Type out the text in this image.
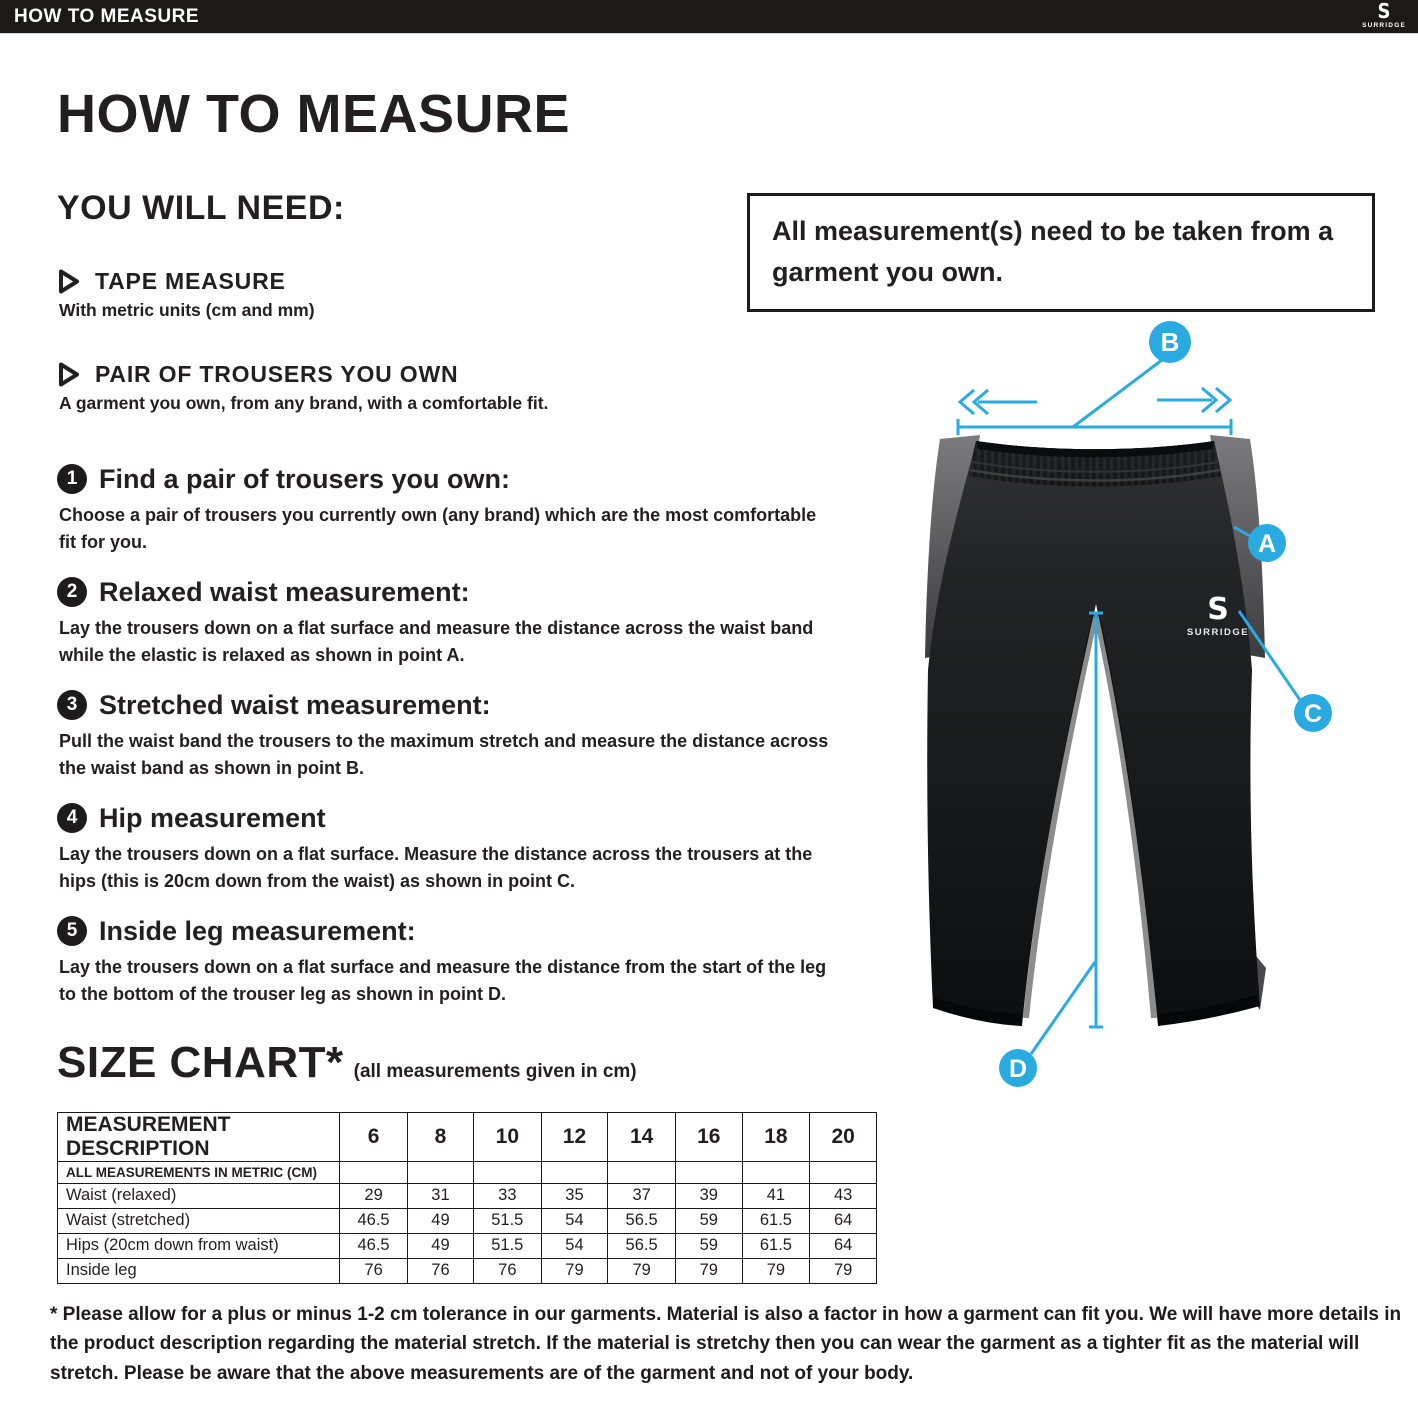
HOW TO MEASURE	S
SURRIDGE
HOW TO MEASURE
YOU WILL NEED:
TAPE MEASURE
With metric units (cm and mm)
PAIR OF TROUSERS YOU OWN
A garment you own, from any brand, with a comfortable fit.
1 Find a pair of trousers you own:
Choose a pair of trousers you currently own (any brand) which are the most comfortable fit for you.
2 Relaxed waist measurement:
Lay the trousers down on a flat surface and measure the distance across the waist band while the elastic is relaxed as shown in point A.
3 Stretched waist measurement:
Pull the waist band the trousers to the maximum stretch and measure the distance across the waist band as shown in point B.
4 Hip measurement
Lay the trousers down on a flat surface. Measure the distance across the trousers at the hips (this is 20cm down from the waist) as shown in point C.
5 Inside leg measurement:
Lay the trousers down on a flat surface and measure the distance from the start of the leg to the bottom of the trouser leg as shown in point D.
SIZE CHART* (all measurements given in cm)
MEASUREMENT DESCRIPTION	6	8	10	12	14	16	18	20
ALL MEASUREMENTS IN METRIC (CM)								
Waist (relaxed)	29	31	33	35	37	39	41	43
Waist (stretched)	46.5	49	51.5	54	56.5	59	61.5	64
Hips (20cm down from waist)	46.5	49	51.5	54	56.5	59	61.5	64
Inside leg	76	76	76	79	79	79	79	79
All measurement(s) need to be taken from a garment you own.
S
SURRIDGE
B
A
C
D
* Please allow for a plus or minus 1-2 cm tolerance in our garments. Material is also a factor in how a garment can fit you. We will have more details in the product description regarding the material stretch. If the material is stretchy then you can wear the garment as a tighter fit as the material will stretch. Please be aware that the above measurements are of the garment and not of your body.
